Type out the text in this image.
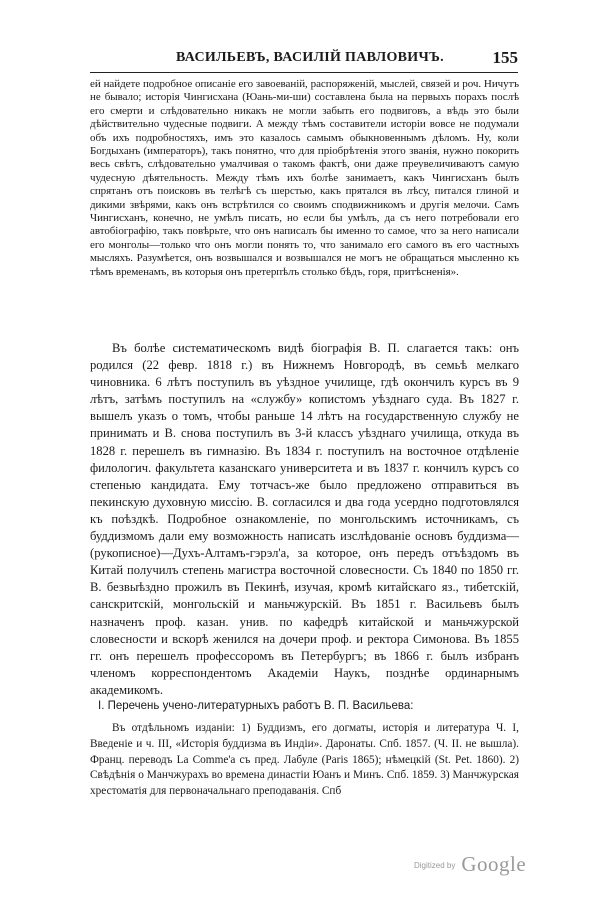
ВАСИЛЬЕВЪ, ВАСИЛІЙ ПАВЛОВИЧЪ.	155

ей найдете подробное описаніе его завоеваній, распоряженій, мыслей, связей и роч. Ничутъ не бывало; исторія Чингисхана (Юань-ми-ши) составлена была на первыхъ порахъ послѣ его смерти и слѣдовательно никакъ не могли забыть его подвиговъ, а вѣдь это были дѣйствительно чудесные подвиги. А между тѣмъ составители исторіи вовсе не подумали объ ихъ подробностяхъ, имъ это казалось самымъ обыкновеннымъ дѣломъ. Ну, коли Богдыханъ (императоръ), такъ понятно, что для пріобрѣтенія этого званія, нужно покорить весь свѣтъ, слѣдовательно умалчивая о такомъ фактѣ, они даже преувеличиваютъ самую чудесную дѣятельность. Между тѣмъ ихъ болѣе занимаетъ, какъ Чингисханъ былъ спрятанъ отъ поисковъ въ телѣгѣ съ шерстью, какъ прятался въ лѣсу, питался глиной и дикими звѣрями, какъ онъ встрѣтился со своимъ сподвижникомъ и другія мелочи. Самъ Чингисханъ, конечно, не умѣлъ писать, но если бы умѣлъ, да съ него потребовали его автобіографію, такъ повѣрьте, что онъ написалъ бы именно то самое, что за него написали его монголы—только что онъ могли понять то, что занимало его самого въ его частныхъ мысляхъ. Разумѣется, онъ возвышался и возвышался не могъ не обращаться мысленно къ тѣмъ временамъ, въ которыя онъ претерпѣлъ столько бѣдъ, горя, притѣсненія».

Въ болѣе систематическомъ видѣ біографія В. П. слагается такъ: онъ родился (22 февр. 1818 г.) въ Нижнемъ Новгородѣ, въ семьѣ мелкаго чиновника. 6 лѣтъ поступилъ въ уѣздное училище, гдѣ окончилъ курсъ въ 9 лѣтъ, затѣмъ поступилъ на «службу» копистомъ уѣзднаго суда. Въ 1827 г. вышелъ указъ о томъ, чтобы раньше 14 лѣтъ на государственную службу не принимать и В. снова поступилъ въ 3-й классъ уѣзднаго училища, откуда въ 1828 г. перешелъ въ гимназію. Въ 1834 г. поступилъ на восточное отдѣленіе филологич. факультета казанскаго университета и въ 1837 г. кончилъ курсъ со степенью кандидата. Ему тотчасъ-же было предложено отправиться въ пекинскую духовную миссію. В. согласился и два года усердно подготовлялся къ поѣздкѣ. Подробное ознакомленіе, по монгольскимъ источникамъ, съ буддизмомъ дали ему возможность написать изслѣдованіе основъ буддизма—(рукописное)—Духъ-Алтамъ-гэрэл'а, за которое, онъ передъ отъѣздомъ въ Китай получилъ степень магистра восточной словесности. Съ 1840 по 1850 гг. В. безвыѣздно прожилъ въ Пекинѣ, изучая, кромѣ китайскаго яз., тибетскій, санскритскій, монгольскій и маньчжурскій. Въ 1851 г. Васильевъ былъ назначенъ проф. казан. унив. по кафедрѣ китайской и маньчжурской словесности и вскорѣ женился на дочери проф. и ректора Симонова. Въ 1855 гг. онъ перешелъ профессоромъ въ Петербургъ; въ 1866 г. былъ избранъ членомъ корреспондентомъ Академіи Наукъ, позднѣе ординарнымъ академикомъ.

I. Перечень учено-литературныхъ работъ В. П. Васильева:

Въ отдѣльномъ изданіи: 1) Буддизмъ, его догматы, исторія и литература Ч. I, Введеніе и ч. III, «Исторія буддизма въ Индіи». Даронаты. Спб. 1857. (Ч. II. не вышла). Франц. переводъ La Comme'a съ пред. Лабуле (Paris 1865); нѣмецкій (St. Pet. 1860). 2) Свѣдѣнія о Манчжурахъ во времена династіи Юанъ и Минъ. Спб. 1859. 3) Манчжурская хрестоматія для первоначальнаго преподаванія. Спб

Digitized by Google
